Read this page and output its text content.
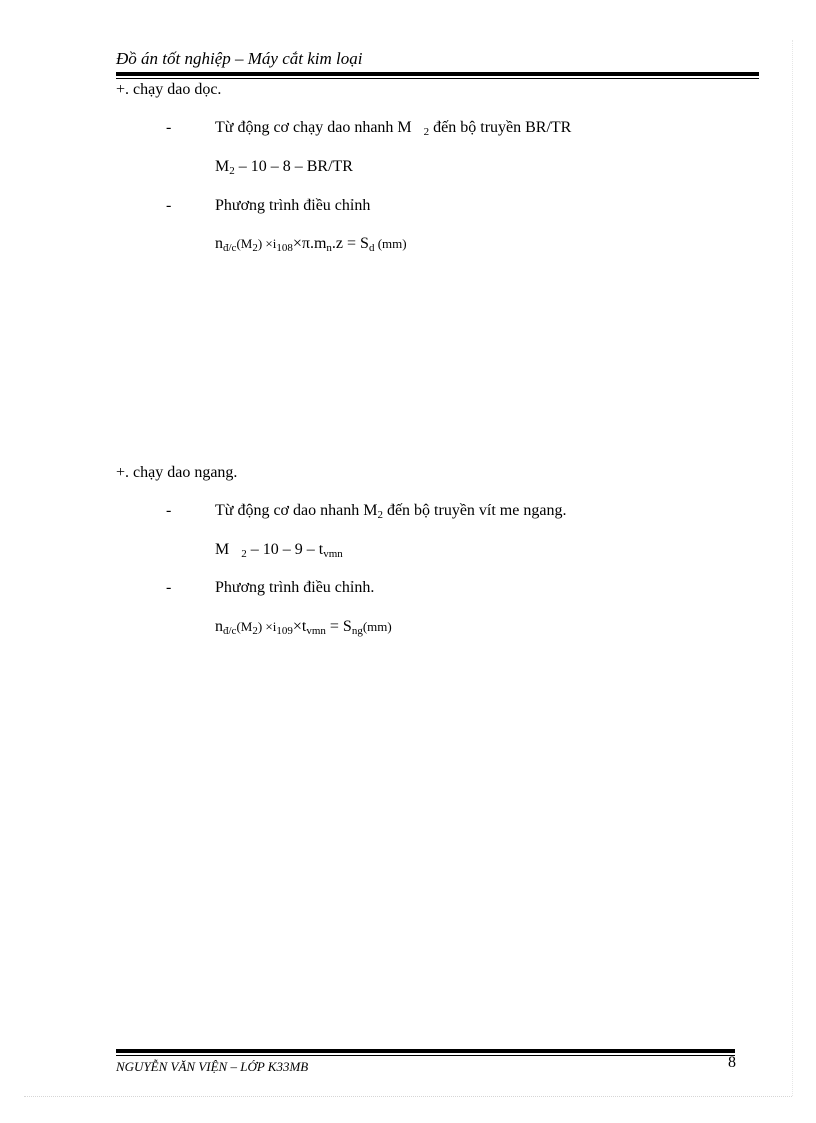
Đồ án tốt nghiệp – Máy cắt kim loại
+. chạy dao dọc.
-	Từ động cơ chạy dao nhanh M $_2$ đến bộ truyền BR/TR
$M_2 - 10 - 8 - BR/TR$
-	Phương trình điều chỉnh
$n_{đ/c}(M_2) \times i_{108}\times\pi.m_n.z = S_d$ (mm)
+. chạy dao ngang.
-	Từ động cơ dao nhanh $M_2$ đến bộ truyền vít me ngang.
M $_2 - 10 - 9 - t_{vmn}$
-	Phương trình điều chỉnh.
$n_{đ/c}(M_2) \times i_{109}\times t_{vmn} = S_{ng}(mm)$
NGUYỄN VĂN VIỆN – LỚP K33MB	8
